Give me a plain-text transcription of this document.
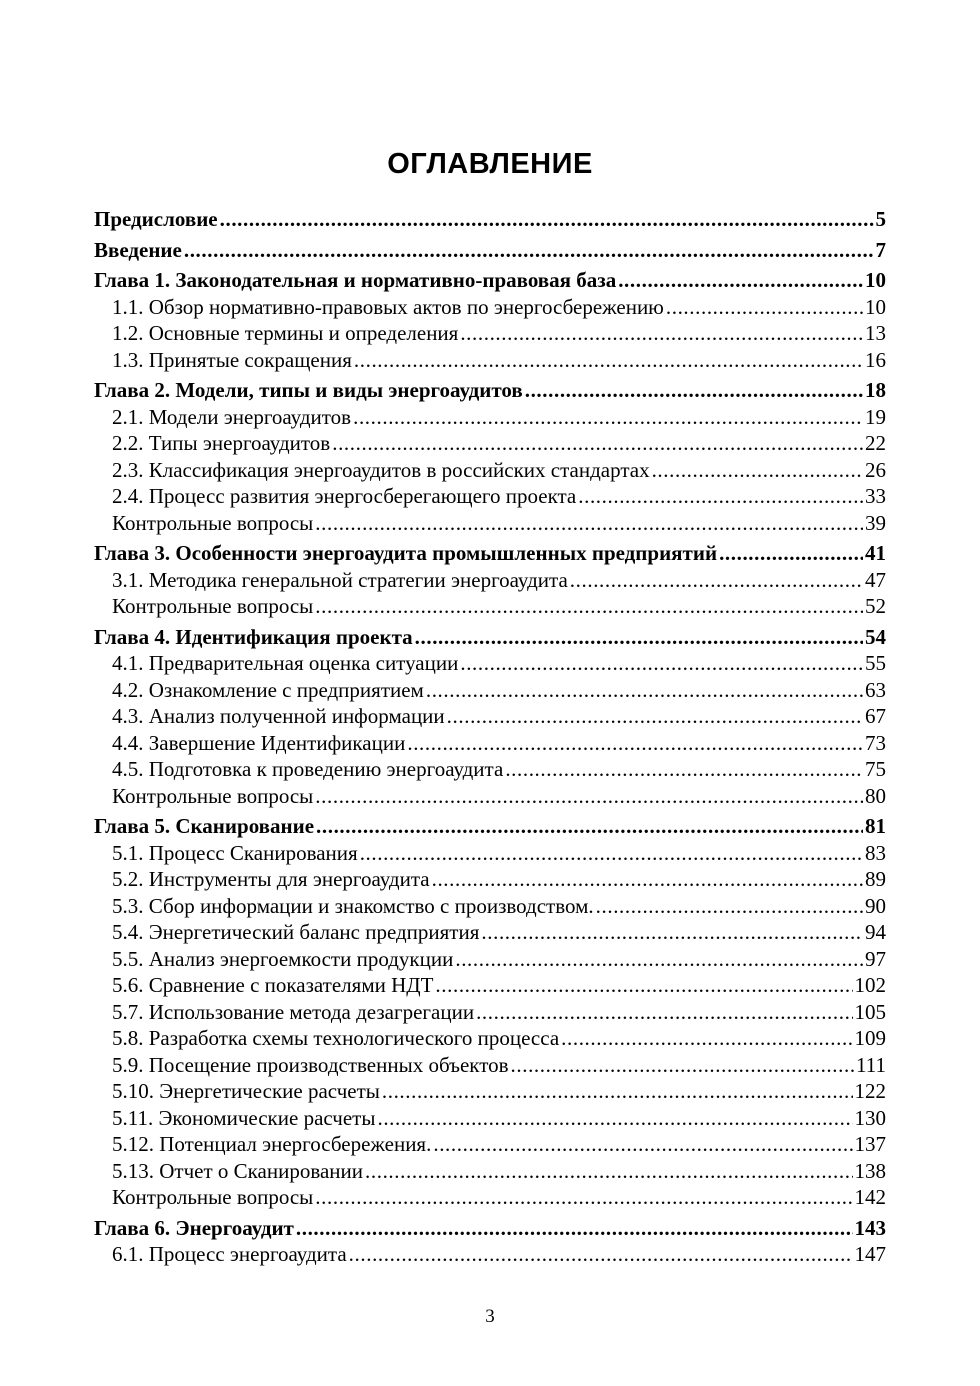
ОГЛАВЛЕНИЕ
Предисловие .....	5
Введение .....	7
Глава 1. Законодательная и нормативно-правовая база .....	10
1.1. Обзор нормативно-правовых актов по энергосбережению .....	10
1.2. Основные термины и определения .....	13
1.3. Принятые сокращения .....	16
Глава 2. Модели, типы и виды энергоаудитов .....	18
2.1. Модели энергоаудитов .....	19
2.2. Типы энергоаудитов .....	22
2.3. Классификация энергоаудитов в российских стандартах .....	26
2.4. Процесс развития энергосберегающего проекта .....	33
Контрольные вопросы .....	39
Глава 3. Особенности энергоаудита промышленных предприятий .....	41
3.1. Методика генеральной стратегии энергоаудита .....	47
Контрольные вопросы .....	52
Глава 4. Идентификация проекта .....	54
4.1. Предварительная оценка ситуации .....	55
4.2. Ознакомление с предприятием .....	63
4.3. Анализ полученной информации .....	67
4.4. Завершение Идентификации .....	73
4.5. Подготовка к проведению энергоаудита .....	75
Контрольные вопросы .....	80
Глава 5. Сканирование .....	81
5.1. Процесс Сканирования .....	83
5.2. Инструменты для энергоаудита .....	89
5.3. Сбор информации и знакомство с производством. .....	90
5.4. Энергетический баланс предприятия .....	94
5.5. Анализ энергоемкости продукции .....	97
5.6. Сравнение с показателями НДТ .....	102
5.7. Использование метода дезагрегации .....	105
5.8. Разработка схемы технологического процесса .....	109
5.9. Посещение производственных объектов .....	111
5.10. Энергетические расчеты .....	122
5.11. Экономические расчеты .....	130
5.12. Потенциал энергосбережения. .....	137
5.13. Отчет о Сканировании .....	138
Контрольные вопросы .....	142
Глава 6. Энергоаудит .....	143
6.1. Процесс энергоаудита .....	147
3
